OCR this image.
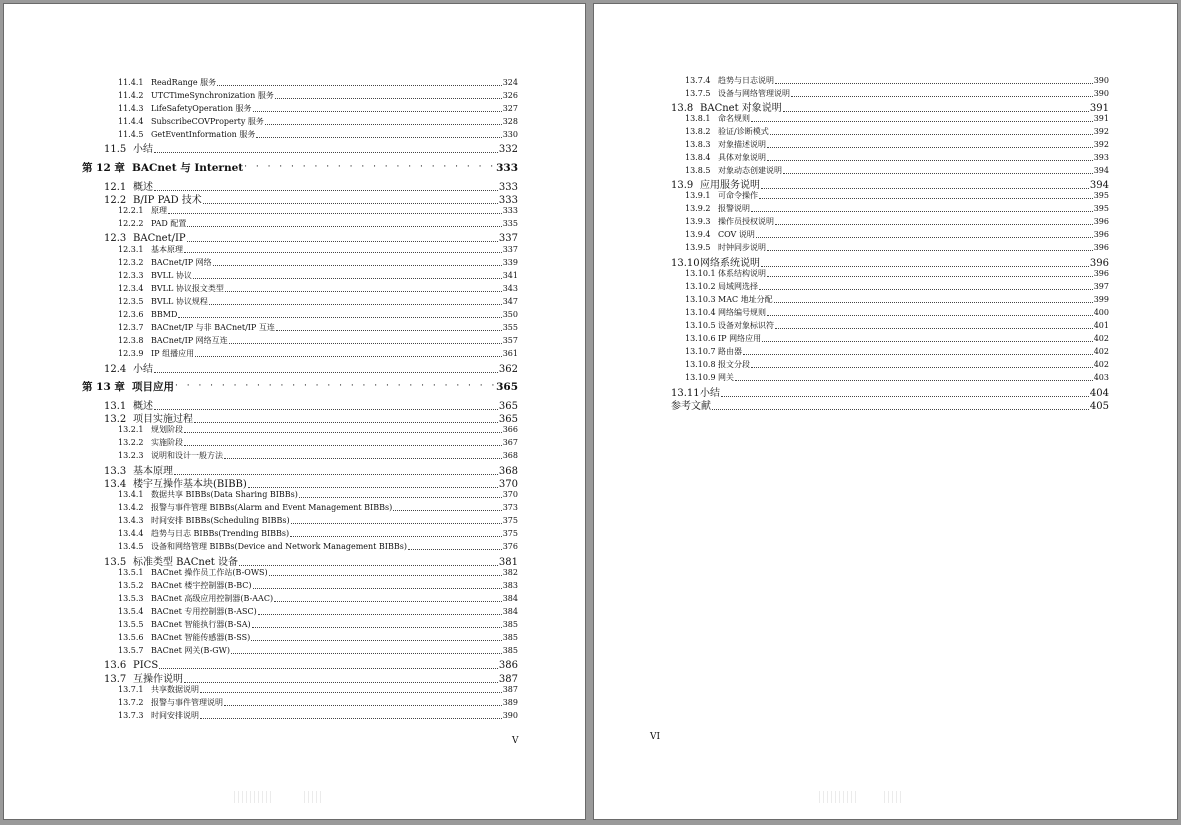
11.4.1 ReadRange 服务	324
11.4.2 UTCTimeSynchronization 服务	326
11.4.3 LifeSafetyOperation 服务	327
11.4.4 SubscribeCOVProperty 服务	328
11.4.5 GetEventInformation 服务	330
11.5 小结	332
第 12 章 BACnet 与 Internet · · ·	333
12.1 概述	333
12.2 B/IP PAD 技术	333
12.2.1 原理	333
12.2.2 PAD 配置	335
12.3 BACnet/IP	337
12.3.1 基本原理	337
12.3.2 BACnet/IP 网络	339
12.3.3 BVLL 协议	341
12.3.4 BVLL 协议报文类型	343
12.3.5 BVLL 协议规程	347
12.3.6 BBMD	350
12.3.7 BACnet/IP 与非 BACnet/IP 互连	355
12.3.8 BACnet/IP 网络互连	357
12.3.9 IP 组播应用	361
12.4 小结	362
第 13 章 项目应用 · · ·	365
13.1 概述	365
13.2 项目实施过程	365
13.2.1 规划阶段	366
13.2.2 实施阶段	367
13.2.3 说明和设计一般方法	368
13.3 基本原理	368
13.4 楼宇互操作基本块(BIBB)	370
13.4.1 数据共享 BIBBs(Data Sharing BIBBs)	370
13.4.2 报警与事件管理 BIBBs(Alarm and Event Management BIBBs)	373
13.4.3 时间安排 BIBBs(Scheduling BIBBs)	375
13.4.4 趋势与日志 BIBBs(Trending BIBBs)	375
13.4.5 设备和网络管理 BIBBs(Device and Network Management BIBBs)	376
13.5 标准类型 BACnet 设备	381
13.5.1 BACnet 操作员工作站(B-OWS)	382
13.5.2 BACnet 楼宇控制器(B-BC)	383
13.5.3 BACnet 高级应用控制器(B-AAC)	384
13.5.4 BACnet 专用控制器(B-ASC)	384
13.5.5 BACnet 智能执行器(B-SA)	385
13.5.6 BACnet 智能传感器(B-SS)	385
13.5.7 BACnet 网关(B-GW)	385
13.6 PICS	386
13.7 互操作说明	387
13.7.1 共享数据说明	387
13.7.2 报警与事件管理说明	389
13.7.3 时间安排说明	390
V
13.7.4 趋势与日志说明	390
13.7.5 设备与网络管理说明	390
13.8 BACnet 对象说明	391
13.8.1 命名规则	391
13.8.2 验证/诊断模式	392
13.8.3 对象描述说明	392
13.8.4 具体对象说明	393
13.8.5 对象动态创建说明	394
13.9 应用服务说明	394
13.9.1 可命令操作	395
13.9.2 报警说明	395
13.9.3 操作员授权说明	396
13.9.4 COV 说明	396
13.9.5 时钟同步说明	396
13.10 网络系统说明	396
13.10.1 体系结构说明	396
13.10.2 局域网选择	397
13.10.3 MAC 地址分配	399
13.10.4 网络编号规则	400
13.10.5 设备对象标识符	401
13.10.6 IP 网络应用	402
13.10.7 路由器	402
13.10.8 报文分段	402
13.10.9 网关	403
13.11 小结	404
参考文献	405
VI
